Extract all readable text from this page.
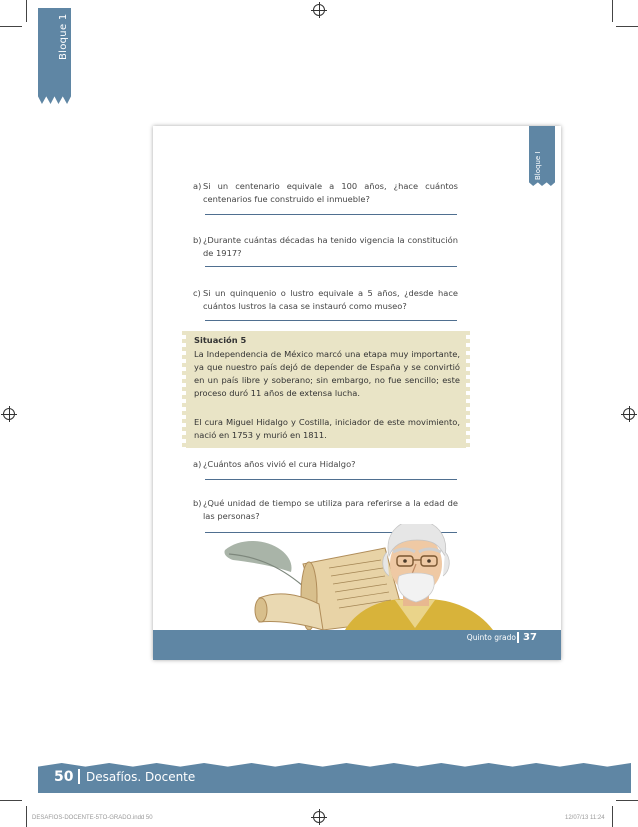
Bloque 1
50 Desafíos. Docente
DESAFIOS-DOCENTE-5TO-GRADO.indd 50	12/07/13 11:24
Bloque I
a) Si un centenario equivale a 100 años, ¿hace cuántos centenarios fue construido el inmueble?
b) ¿Durante cuántas décadas ha tenido vigencia la constitución de 1917?
c) Si un quinquenio o lustro equivale a 5 años, ¿desde hace cuántos lustros la casa se instauró como museo?
Situación 5
La Independencia de México marcó una etapa muy importante, ya que nuestro país dejó de depender de España y se convirtió en un país libre y soberano; sin embargo, no fue sencillo; este proceso duró 11 años de extensa lucha.
El cura Miguel Hidalgo y Costilla, iniciador de este movimiento, nació en 1753 y murió en 1811.
a) ¿Cuántos años vivió el cura Hidalgo?
b) ¿Qué unidad de tiempo se utiliza para referirse a la edad de las personas?
Quinto grado 37
